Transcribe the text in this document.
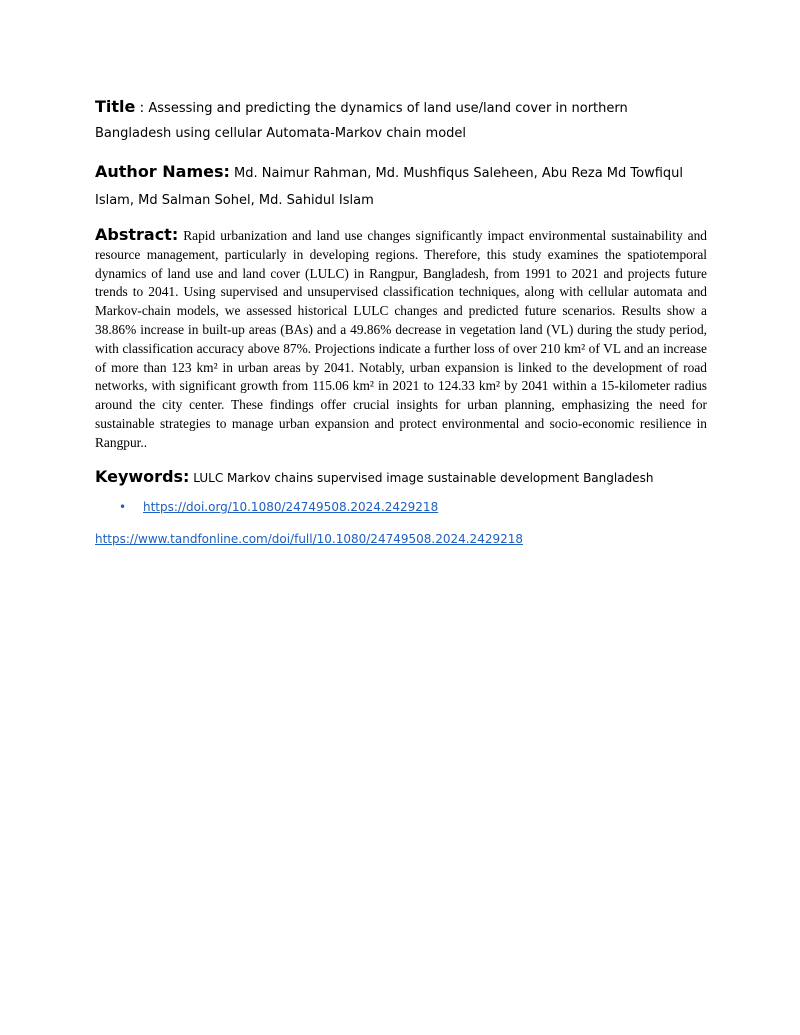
Title : Assessing and predicting the dynamics of land use/land cover in northern Bangladesh using cellular Automata-Markov chain model
Author Names: Md. Naimur Rahman, Md. Mushfiqus Saleheen, Abu Reza Md Towfiqul Islam, Md Salman Sohel, Md. Sahidul Islam
Abstract: Rapid urbanization and land use changes significantly impact environmental sustainability and resource management, particularly in developing regions. Therefore, this study examines the spatiotemporal dynamics of land use and land cover (LULC) in Rangpur, Bangladesh, from 1991 to 2021 and projects future trends to 2041. Using supervised and unsupervised classification techniques, along with cellular automata and Markov-chain models, we assessed historical LULC changes and predicted future scenarios. Results show a 38.86% increase in built-up areas (BAs) and a 49.86% decrease in vegetation land (VL) during the study period, with classification accuracy above 87%. Projections indicate a further loss of over 210 km² of VL and an increase of more than 123 km² in urban areas by 2041. Notably, urban expansion is linked to the development of road networks, with significant growth from 115.06 km² in 2021 to 124.33 km² by 2041 within a 15-kilometer radius around the city center. These findings offer crucial insights for urban planning, emphasizing the need for sustainable strategies to manage urban expansion and protect environmental and socio-economic resilience in Rangpur..
Keywords: LULC Markov chains supervised image sustainable development Bangladesh
• https://doi.org/10.1080/24749508.2024.2429218
https://www.tandfonline.com/doi/full/10.1080/24749508.2024.2429218
